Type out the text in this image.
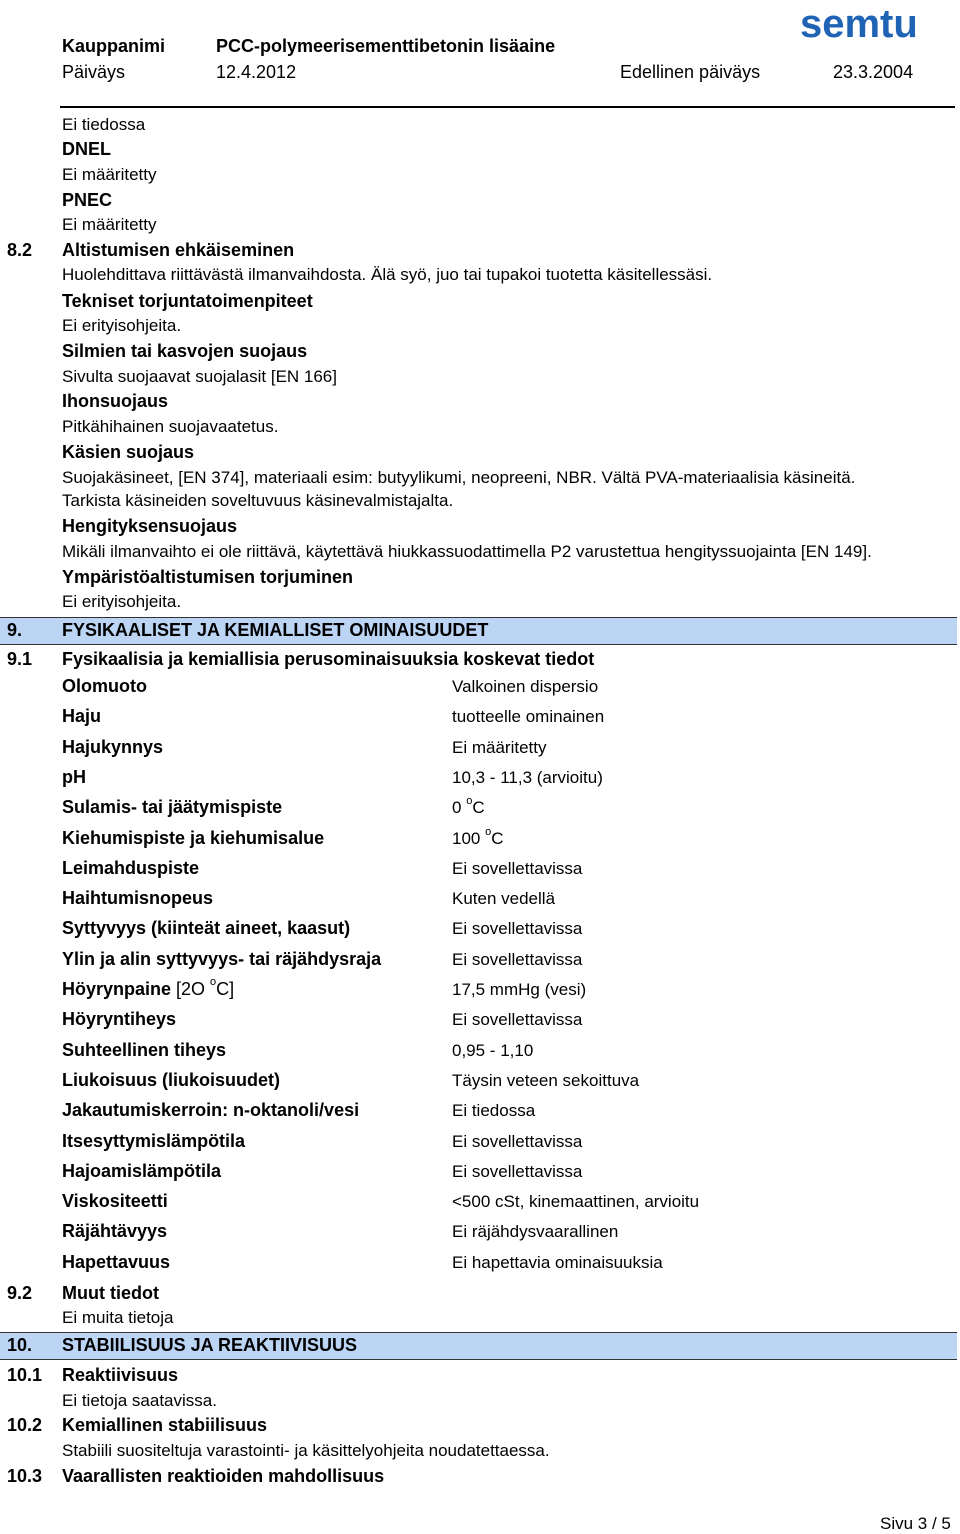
Kauppanimi	PCC-polymeerisementtibetonin lisäaine	semtu
Päiväys	12.4.2012	Edellinen päiväys	23.3.2004
Ei tiedossa
DNEL
Ei määritetty
PNEC
Ei määritetty
8.2 Altistumisen ehkäiseminen
Huolehdittava riittävästä ilmanvaihdosta. Älä syö, juo tai tupakoi tuotetta käsitellessäsi.
Tekniset torjuntatoimenpiteet
Ei erityisohjeita.
Silmien tai kasvojen suojaus
Sivulta suojaavat suojalasit [EN 166]
Ihonsuojaus
Pitkähihainen suojavaatetus.
Käsien suojaus
Suojakäsineet, [EN 374], materiaali esim: butyylikumi, neopreeni, NBR. Vältä PVA-materiaalisia käsineitä.
Tarkista käsineiden soveltuvuus käsinevalmistajalta.
Hengityksensuojaus
Mikäli ilmanvaihto ei ole riittävä, käytettävä hiukkassuodattimella P2 varustettua hengityssuojainta [EN 149].
Ympäristöaltistumisen torjuminen
Ei erityisohjeita.
9. FYSIKAALISET JA KEMIALLISET OMINAISUUDET
9.1 Fysikaalisia ja kemiallisia perusominaisuuksia koskevat tiedot
Olomuoto	Valkoinen dispersio
Haju	tuotteelle ominainen
Hajukynnys	Ei määritetty
pH	10,3 - 11,3 (arvioitu)
Sulamis- tai jäätymispiste	0 $^o$C
Kiehumispiste ja kiehumisalue	100 $^o$C
Leimahduspiste	Ei sovellettavissa
Haihtumisnopeus	Kuten vedellä
Syttyvyys (kiinteät aineet, kaasut)	Ei sovellettavissa
Ylin ja alin syttyvyys- tai räjähdysraja	Ei sovellettavissa
Höyrynpaine [2O $^o$C]	17,5 mmHg (vesi)
Höyryntiheys	Ei sovellettavissa
Suhteellinen tiheys	0,95 - 1,10
Liukoisuus (liukoisuudet)	Täysin veteen sekoittuva
Jakautumiskerroin: n-oktanoli/vesi	Ei tiedossa
Itsesyttymislämpötila	Ei sovellettavissa
Hajoamislämpötila	Ei sovellettavissa
Viskositeetti	<500 cSt, kinemaattinen, arvioitu
Räjähtävyys	Ei räjähdysvaarallinen
Hapettavuus	Ei hapettavia ominaisuuksia
9.2 Muut tiedot
Ei muita tietoja
10. STABIILISUUS JA REAKTIIVISUUS
10.1 Reaktiivisuus
Ei tietoja saatavissa.
10.2 Kemiallinen stabiilisuus
Stabiili suositeltuja varastointi- ja käsittelyohjeita noudatettaessa.
10.3 Vaarallisten reaktioiden mahdollisuus
Sivu 3 / 5
